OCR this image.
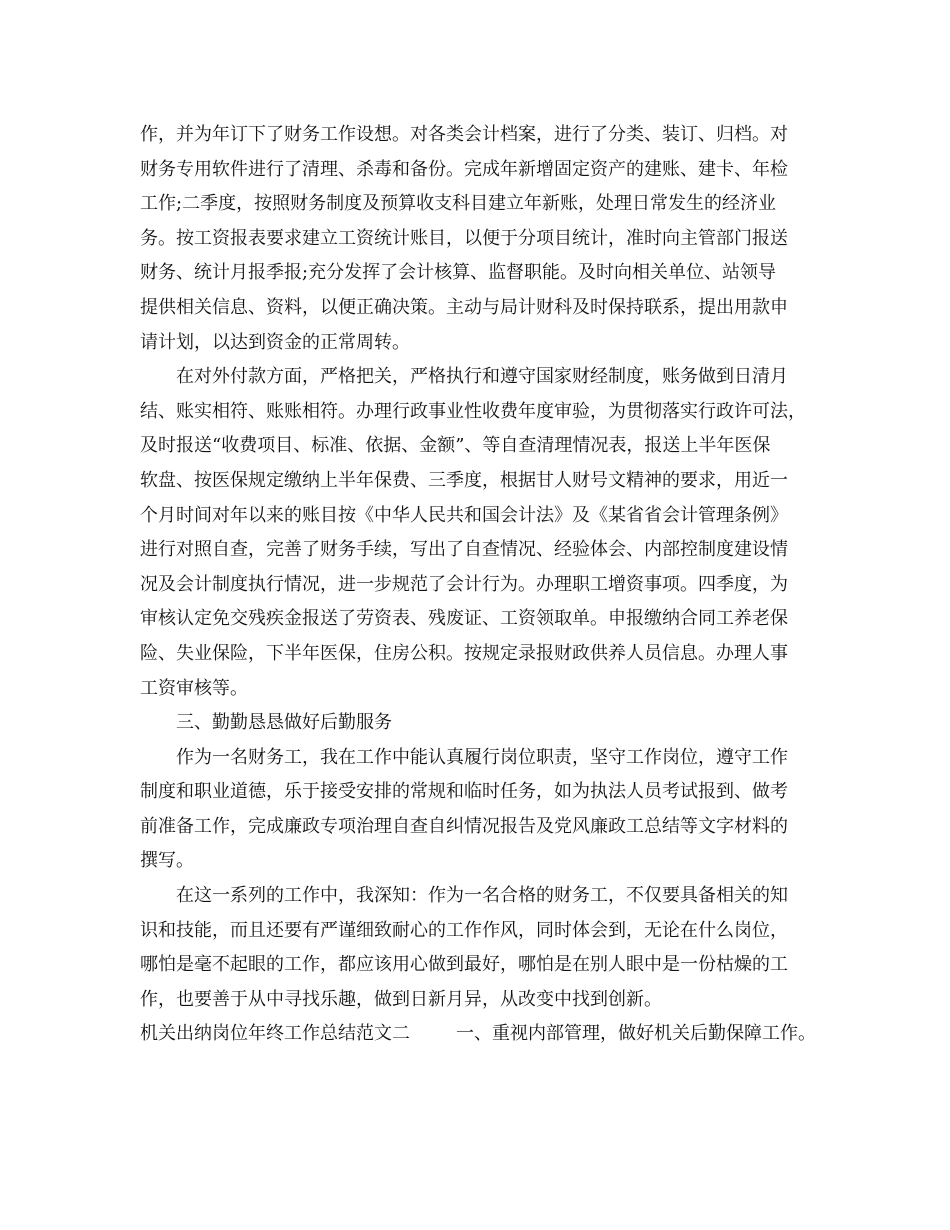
作，并为年订下了财务工作设想。对各类会计档案，进行了分类、装订、归档。对
财务专用软件进行了清理、杀毒和备份。完成年新增固定资产的建账、建卡、年检
工作;二季度，按照财务制度及预算收支科目建立年新账，处理日常发生的经济业
务。按工资报表要求建立工资统计账目，以便于分项目统计，准时向主管部门报送
财务、统计月报季报;充分发挥了会计核算、监督职能。及时向相关单位、站领导
提供相关信息、资料，以便正确决策。主动与局计财科及时保持联系，提出用款申
请计划，以达到资金的正常周转。
在对外付款方面，严格把关，严格执行和遵守国家财经制度，账务做到日清月
结、账实相符、账账相符。办理行政事业性收费年度审验，为贯彻落实行政许可法，
及时报送“收费项目、标准、依据、金额”、等自查清理情况表，报送上半年医保
软盘、按医保规定缴纳上半年保费、三季度，根据甘人财号文精神的要求，用近一
个月时间对年以来的账目按《中华人民共和国会计法》及《某省省会计管理条例》
进行对照自查，完善了财务手续，写出了自查情况、经验体会、内部控制度建设情
况及会计制度执行情况，进一步规范了会计行为。办理职工增资事项。四季度，为
审核认定免交残疾金报送了劳资表、残废证、工资领取单。申报缴纳合同工养老保
险、失业保险，下半年医保，住房公积。按规定录报财政供养人员信息。办理人事
工资审核等。
三、勤勤恳恳做好后勤服务
作为一名财务工，我在工作中能认真履行岗位职责，坚守工作岗位，遵守工作
制度和职业道德，乐于接受安排的常规和临时任务，如为执法人员考试报到、做考
前准备工作，完成廉政专项治理自查自纠情况报告及党风廉政工总结等文字材料的
撰写。
在这一系列的工作中，我深知：作为一名合格的财务工，不仅要具备相关的知
识和技能，而且还要有严谨细致耐心的工作作风，同时体会到，无论在什么岗位，
哪怕是毫不起眼的工作，都应该用心做到最好，哪怕是在别人眼中是一份枯燥的工
作，也要善于从中寻找乐趣，做到日新月异，从改变中找到创新。
机关出纳岗位年终工作总结范文二	一、重视内部管理，做好机关后勤保障工作。
